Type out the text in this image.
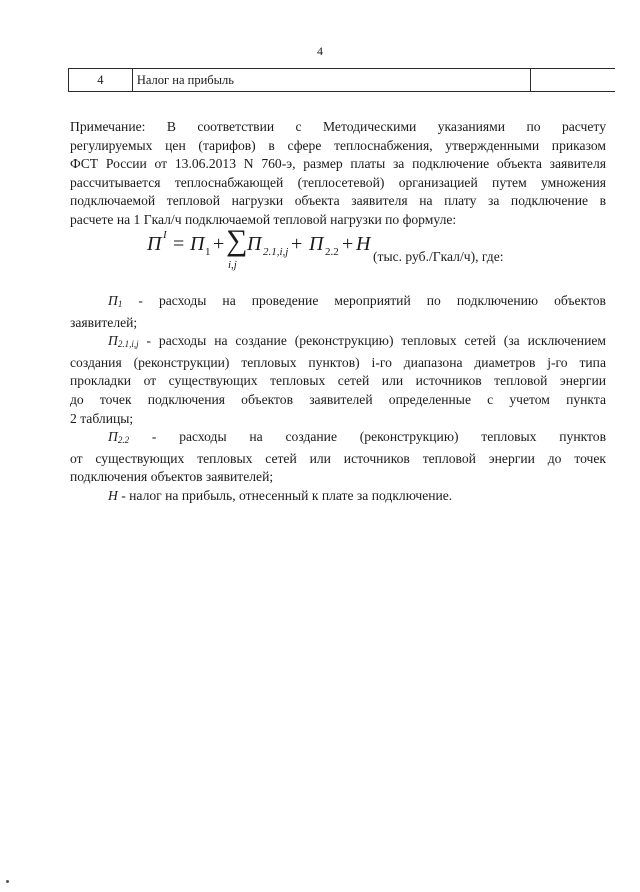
4
4	Налог на прибыль	
Примечание: В соответствии с Методическими указаниями по расчету
регулируемых цен (тарифов) в сфере теплоснабжения, утвержденными приказом
ФСТ России от 13.06.2013 N 760-э, размер платы за подключение объекта заявителя
рассчитывается теплоснабжающей (теплосетевой) организацией путем умножения
подключаемой тепловой нагрузки объекта заявителя на плату за подключение в
расчете на 1 Гкал/ч подключаемой тепловой нагрузки по формуле:
П I = П 1 + ∑
i,j
П 2.1,i,j + П 2.2 + Н
(тыс. руб./Гкал/ч), где:
П1 - расходы на проведение мероприятий по подключению объектов
заявителей;
П2.1,i,j - расходы на создание (реконструкцию) тепловых сетей (за исключением
создания (реконструкции) тепловых пунктов) i-го диапазона диаметров j-го типа
прокладки от существующих тепловых сетей или источников тепловой энергии
до точек подключения объектов заявителей определенные с учетом пункта
2 таблицы;
П2.2 - расходы на создание (реконструкцию) тепловых пунктов
от существующих тепловых сетей или источников тепловой энергии до точек
подключения объектов заявителей;
Н - налог на прибыль, отнесенный к плате за подключение.
